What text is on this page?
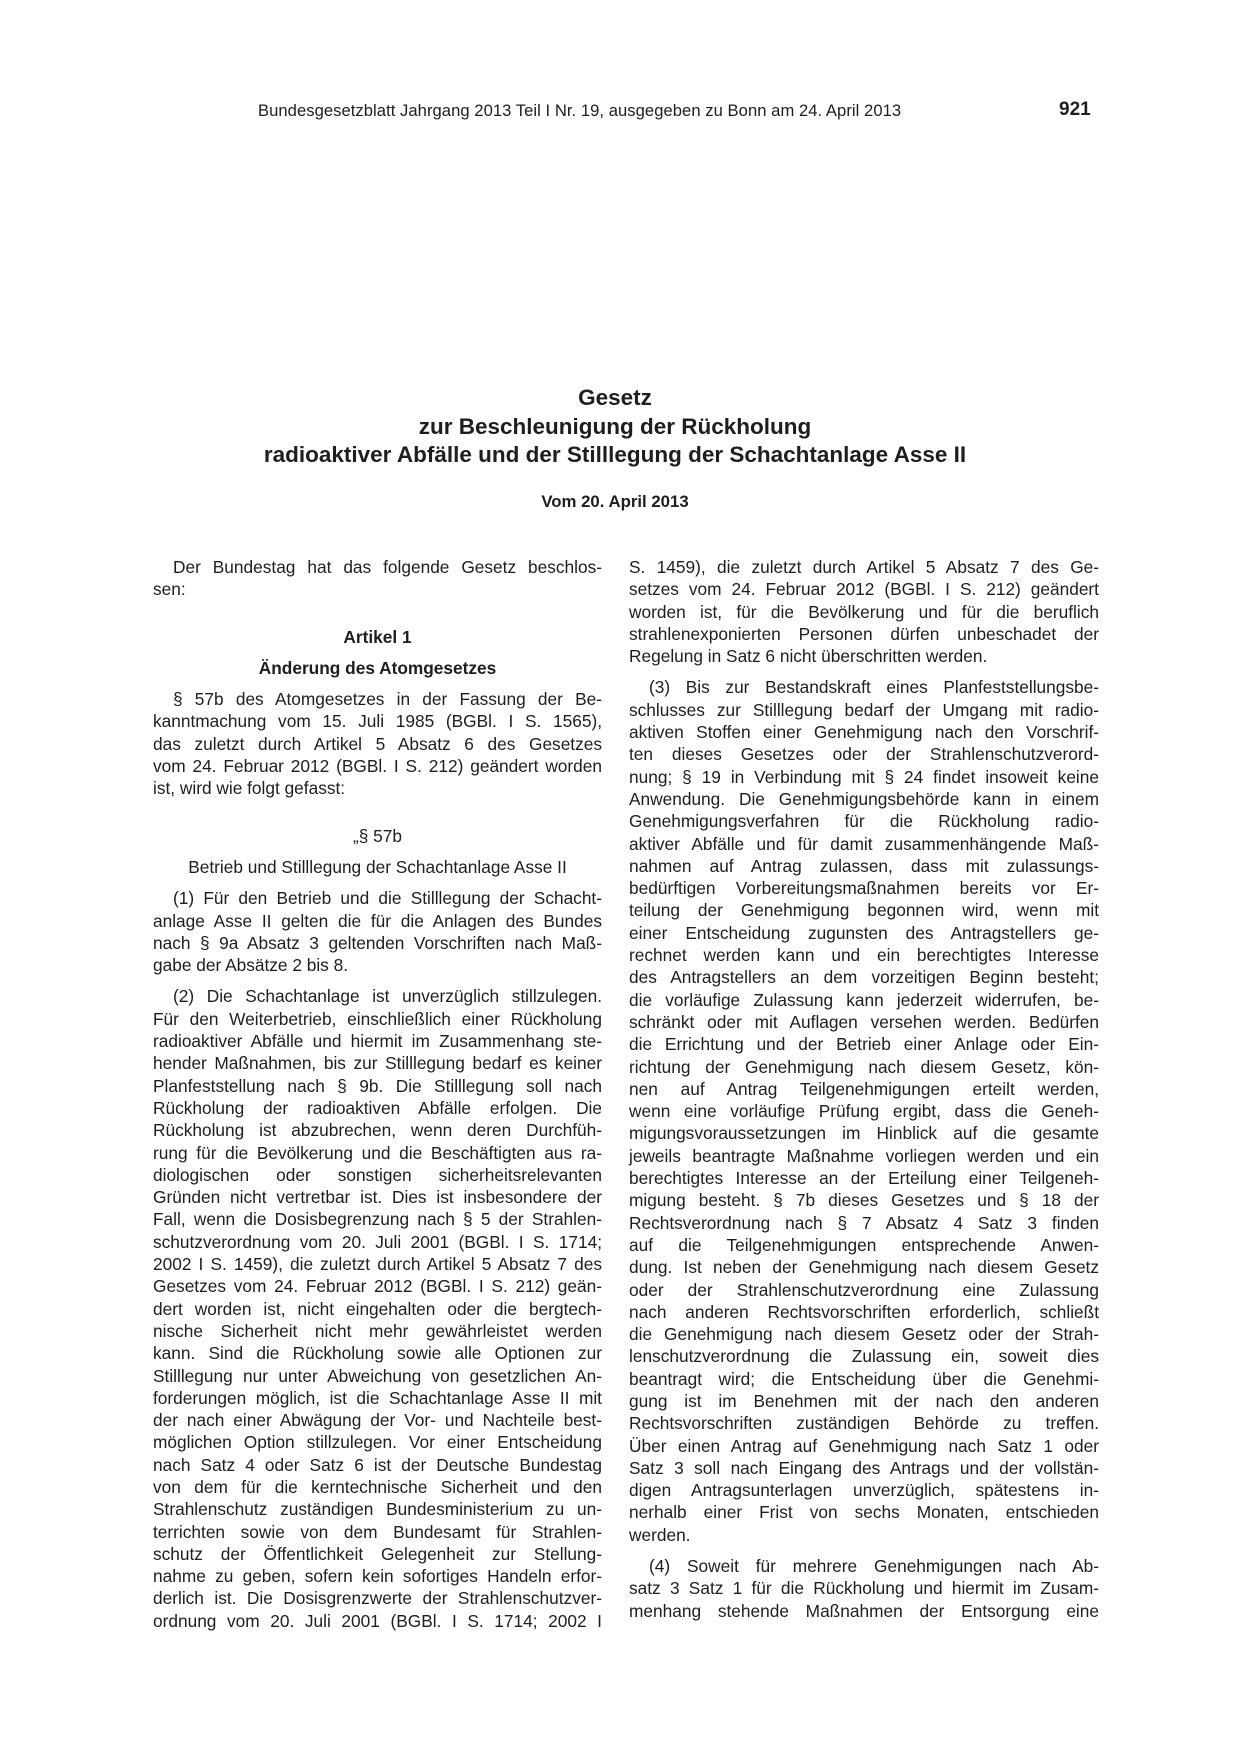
Bundesgesetzblatt Jahrgang 2013 Teil I Nr. 19, ausgegeben zu Bonn am 24. April 2013	921
Gesetz
zur Beschleunigung der Rückholung
radioaktiver Abfälle und der Stilllegung der Schachtanlage Asse II
Vom 20. April 2013
Der Bundestag hat das folgende Gesetz beschlos-
sen:
Artikel 1
Änderung des Atomgesetzes
§ 57b des Atomgesetzes in der Fassung der Be-
kanntmachung vom 15. Juli 1985 (BGBl. I S. 1565),
das zuletzt durch Artikel 5 Absatz 6 des Gesetzes
vom 24. Februar 2012 (BGBl. I S. 212) geändert worden
ist, wird wie folgt gefasst:
„§ 57b
Betrieb und Stilllegung der Schachtanlage Asse II
(1) Für den Betrieb und die Stilllegung der Schacht-
anlage Asse II gelten die für die Anlagen des Bundes
nach § 9a Absatz 3 geltenden Vorschriften nach Maß-
gabe der Absätze 2 bis 8.
(2) Die Schachtanlage ist unverzüglich stillzulegen.
Für den Weiterbetrieb, einschließlich einer Rückholung
radioaktiver Abfälle und hiermit im Zusammenhang ste-
hender Maßnahmen, bis zur Stilllegung bedarf es keiner
Planfeststellung nach § 9b. Die Stilllegung soll nach
Rückholung der radioaktiven Abfälle erfolgen. Die
Rückholung ist abzubrechen, wenn deren Durchfüh-
rung für die Bevölkerung und die Beschäftigten aus ra-
diologischen oder sonstigen sicherheitsrelevanten
Gründen nicht vertretbar ist. Dies ist insbesondere der
Fall, wenn die Dosisbegrenzung nach § 5 der Strahlen-
schutzverordnung vom 20. Juli 2001 (BGBl. I S. 1714;
2002 I S. 1459), die zuletzt durch Artikel 5 Absatz 7 des
Gesetzes vom 24. Februar 2012 (BGBl. I S. 212) geän-
dert worden ist, nicht eingehalten oder die bergtech-
nische Sicherheit nicht mehr gewährleistet werden
kann. Sind die Rückholung sowie alle Optionen zur
Stilllegung nur unter Abweichung von gesetzlichen An-
forderungen möglich, ist die Schachtanlage Asse II mit
der nach einer Abwägung der Vor- und Nachteile best-
möglichen Option stillzulegen. Vor einer Entscheidung
nach Satz 4 oder Satz 6 ist der Deutsche Bundestag
von dem für die kerntechnische Sicherheit und den
Strahlenschutz zuständigen Bundesministerium zu un-
terrichten sowie von dem Bundesamt für Strahlen-
schutz der Öffentlichkeit Gelegenheit zur Stellung-
nahme zu geben, sofern kein sofortiges Handeln erfor-
derlich ist. Die Dosisgrenzwerte der Strahlenschutzver-
ordnung vom 20. Juli 2001 (BGBl. I S. 1714; 2002 I
S. 1459), die zuletzt durch Artikel 5 Absatz 7 des Ge-
setzes vom 24. Februar 2012 (BGBl. I S. 212) geändert
worden ist, für die Bevölkerung und für die beruflich
strahlenexponierten Personen dürfen unbeschadet der
Regelung in Satz 6 nicht überschritten werden.
(3) Bis zur Bestandskraft eines Planfeststellungsbe-
schlusses zur Stilllegung bedarf der Umgang mit radio-
aktiven Stoffen einer Genehmigung nach den Vorschrif-
ten dieses Gesetzes oder der Strahlenschutzverord-
nung; § 19 in Verbindung mit § 24 findet insoweit keine
Anwendung. Die Genehmigungsbehörde kann in einem
Genehmigungsverfahren für die Rückholung radio-
aktiver Abfälle und für damit zusammenhängende Maß-
nahmen auf Antrag zulassen, dass mit zulassungs-
bedürftigen Vorbereitungsmaßnahmen bereits vor Er-
teilung der Genehmigung begonnen wird, wenn mit
einer Entscheidung zugunsten des Antragstellers ge-
rechnet werden kann und ein berechtigtes Interesse
des Antragstellers an dem vorzeitigen Beginn besteht;
die vorläufige Zulassung kann jederzeit widerrufen, be-
schränkt oder mit Auflagen versehen werden. Bedürfen
die Errichtung und der Betrieb einer Anlage oder Ein-
richtung der Genehmigung nach diesem Gesetz, kön-
nen auf Antrag Teilgenehmigungen erteilt werden,
wenn eine vorläufige Prüfung ergibt, dass die Geneh-
migungsvoraussetzungen im Hinblick auf die gesamte
jeweils beantragte Maßnahme vorliegen werden und ein
berechtigtes Interesse an der Erteilung einer Teilgeneh-
migung besteht. § 7b dieses Gesetzes und § 18 der
Rechtsverordnung nach § 7 Absatz 4 Satz 3 finden
auf die Teilgenehmigungen entsprechende Anwen-
dung. Ist neben der Genehmigung nach diesem Gesetz
oder der Strahlenschutzverordnung eine Zulassung
nach anderen Rechtsvorschriften erforderlich, schließt
die Genehmigung nach diesem Gesetz oder der Strah-
lenschutzverordnung die Zulassung ein, soweit dies
beantragt wird; die Entscheidung über die Genehmi-
gung ist im Benehmen mit der nach den anderen
Rechtsvorschriften zuständigen Behörde zu treffen.
Über einen Antrag auf Genehmigung nach Satz 1 oder
Satz 3 soll nach Eingang des Antrags und der vollstän-
digen Antragsunterlagen unverzüglich, spätestens in-
nerhalb einer Frist von sechs Monaten, entschieden
werden.
(4) Soweit für mehrere Genehmigungen nach Ab-
satz 3 Satz 1 für die Rückholung und hiermit im Zusam-
menhang stehende Maßnahmen der Entsorgung eine
